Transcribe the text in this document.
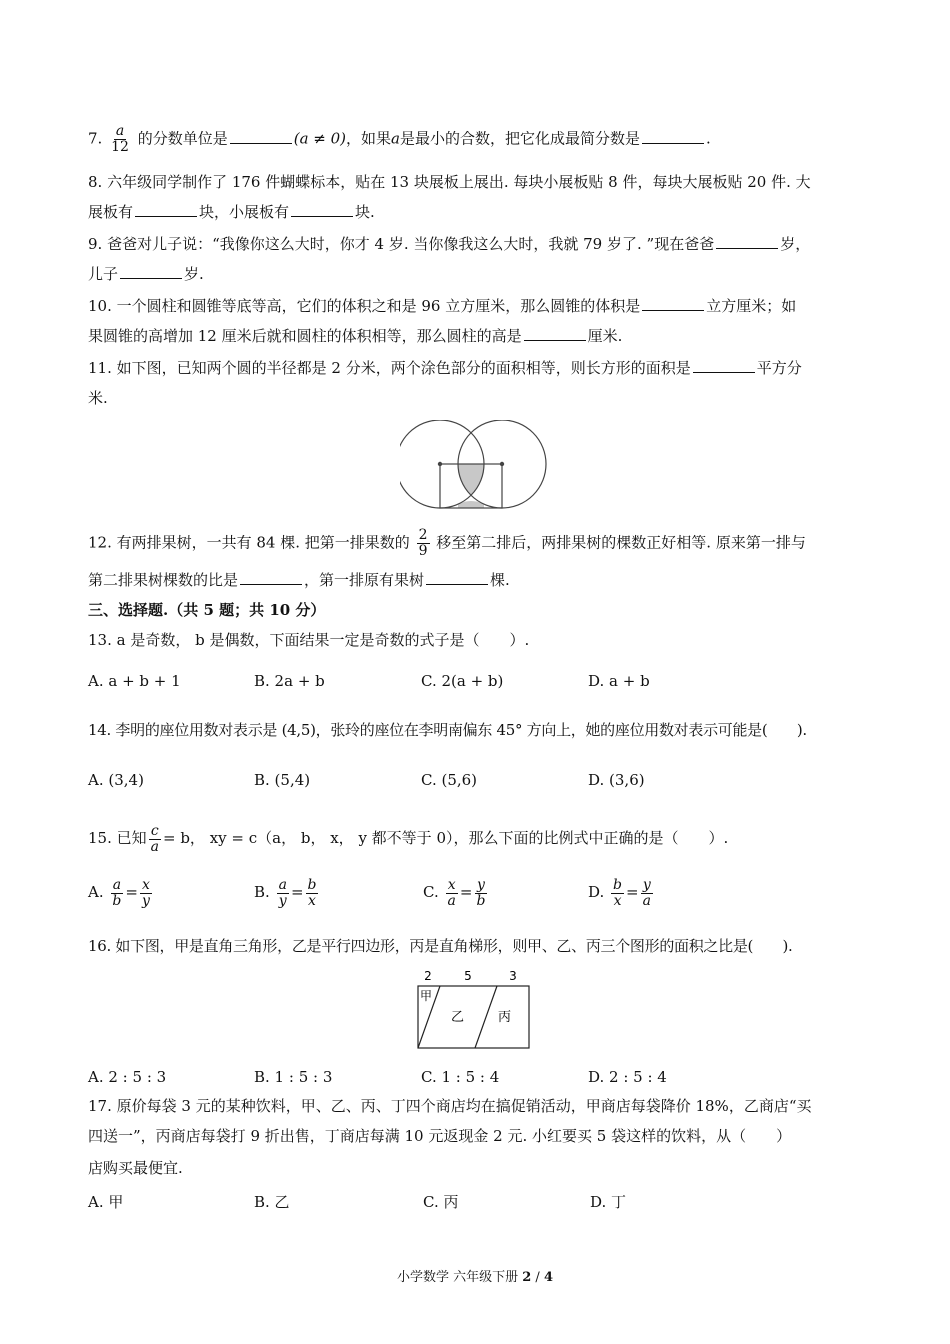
7. $\frac{a}{12}$ 的分数单位是	(a ≠ 0)，如果a是最小的合数，把它化成最简分数是	.
8. 六年级同学制作了 176 件蝴蝶标本，贴在 13 块展板上展出. 每块小展板贴 8 件，每块大展板贴 20 件. 大
展板有	块，小展板有	块.
9. 爸爸对儿子说：“我像你这么大时，你才 4 岁. 当你像我这么大时，我就 79 岁了. ”现在爸爸	岁，
儿子	岁.
10. 一个圆柱和圆锥等底等高，它们的体积之和是 96 立方厘米，那么圆锥的体积是	立方厘米；如
果圆锥的高增加 12 厘米后就和圆柱的体积相等，那么圆柱的高是	厘米.
11. 如下图，已知两个圆的半径都是 2 分米，两个涂色部分的面积相等，则长方形的面积是	平方分
米.
12. 有两排果树，一共有 84 棵. 把第一排果数的 $\frac{2}{9}$ 移至第二排后，两排果树的棵数正好相等. 原来第一排与
第二排果树棵数的比是	，第一排原有果树	棵.
三、选择题.（共 5 题；共 10 分）
13. a 是奇数， b 是偶数，下面结果一定是奇数的式子是（　　）.
A. a + b + 1	B. 2a + b	C. 2(a + b)	D. a + b
14. 李明的座位用数对表示是 (4,5)，张玲的座位在李明南偏东 45° 方向上，她的座位用数对表示可能是(　　).
A. (3,4)	B. (5,4)	C. (5,6)	D. (3,6)
15. 已知 $\frac{c}{a} = b$， xy = c（a， b， x， y 都不等于 0），那么下面的比例式中正确的是（　　）.
A. $\frac{a}{b} = \frac{x}{y}$	B. $\frac{a}{y} = \frac{b}{x}$	C. $\frac{x}{a} = \frac{y}{b}$	D. $\frac{b}{x} = \frac{y}{a}$
16. 如下图，甲是直角三角形，乙是平行四边形，丙是直角梯形，则甲、乙、丙三个图形的面积之比是(　　).
2	5	3
甲
乙	丙
A. 2 : 5 : 3	B. 1 : 5 : 3	C. 1 : 5 : 4	D. 2 : 5 : 4
17. 原价每袋 3 元的某种饮料，甲、乙、丙、丁四个商店均在搞促销活动，甲商店每袋降价 18%，乙商店“买
四送一”，丙商店每袋打 9 折出售，丁商店每满 10 元返现金 2 元. 小红要买 5 袋这样的饮料，从（　　）
店购买最便宜.
A. 甲	B. 乙	C. 丙	D. 丁
小学数学 六年级下册 2 / 4
